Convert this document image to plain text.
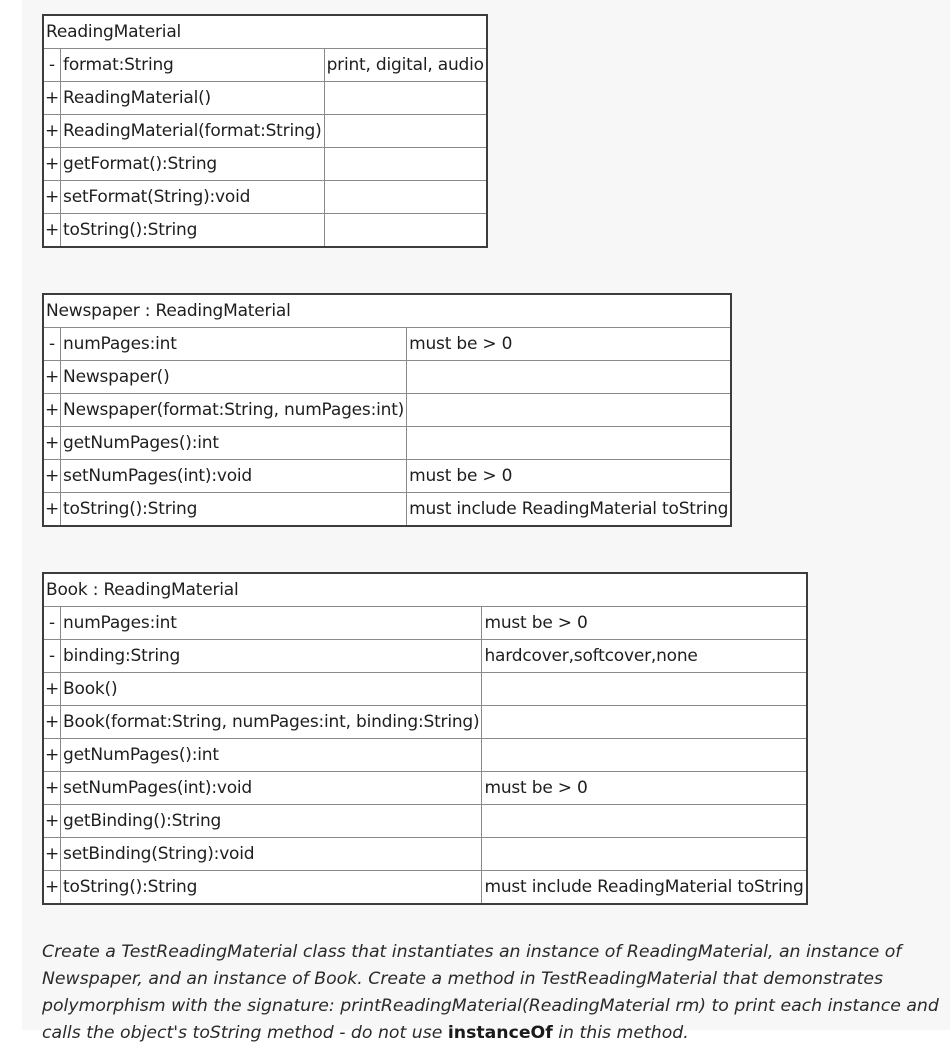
ReadingMaterial		
-	format:String	print, digital, audio
+	ReadingMaterial()	
+	ReadingMaterial(format:String)	
+	getFormat():String	
+	setFormat(String):void	
+	toString():String	
Newspaper : ReadingMaterial		
-	numPages:int	must be > 0
+	Newspaper()	
+	Newspaper(format:String, numPages:int)	
+	getNumPages():int	
+	setNumPages(int):void	must be > 0
+	toString():String	must include ReadingMaterial toString
Book : ReadingMaterial		
-	numPages:int	must be > 0
-	binding:String	hardcover,softcover,none
+	Book()	
+	Book(format:String, numPages:int, binding:String)	
+	getNumPages():int	
+	setNumPages(int):void	must be > 0
+	getBinding():String	
+	setBinding(String):void	
+	toString():String	must include ReadingMaterial toString

Create a TestReadingMaterial class that instantiates an instance of ReadingMaterial, an instance of Newspaper, and an instance of Book. Create a method in TestReadingMaterial that demonstrates polymorphism with the signature: printReadingMaterial(ReadingMaterial rm) to print each instance and calls the object's toString method - do not use instanceOf in this method.
